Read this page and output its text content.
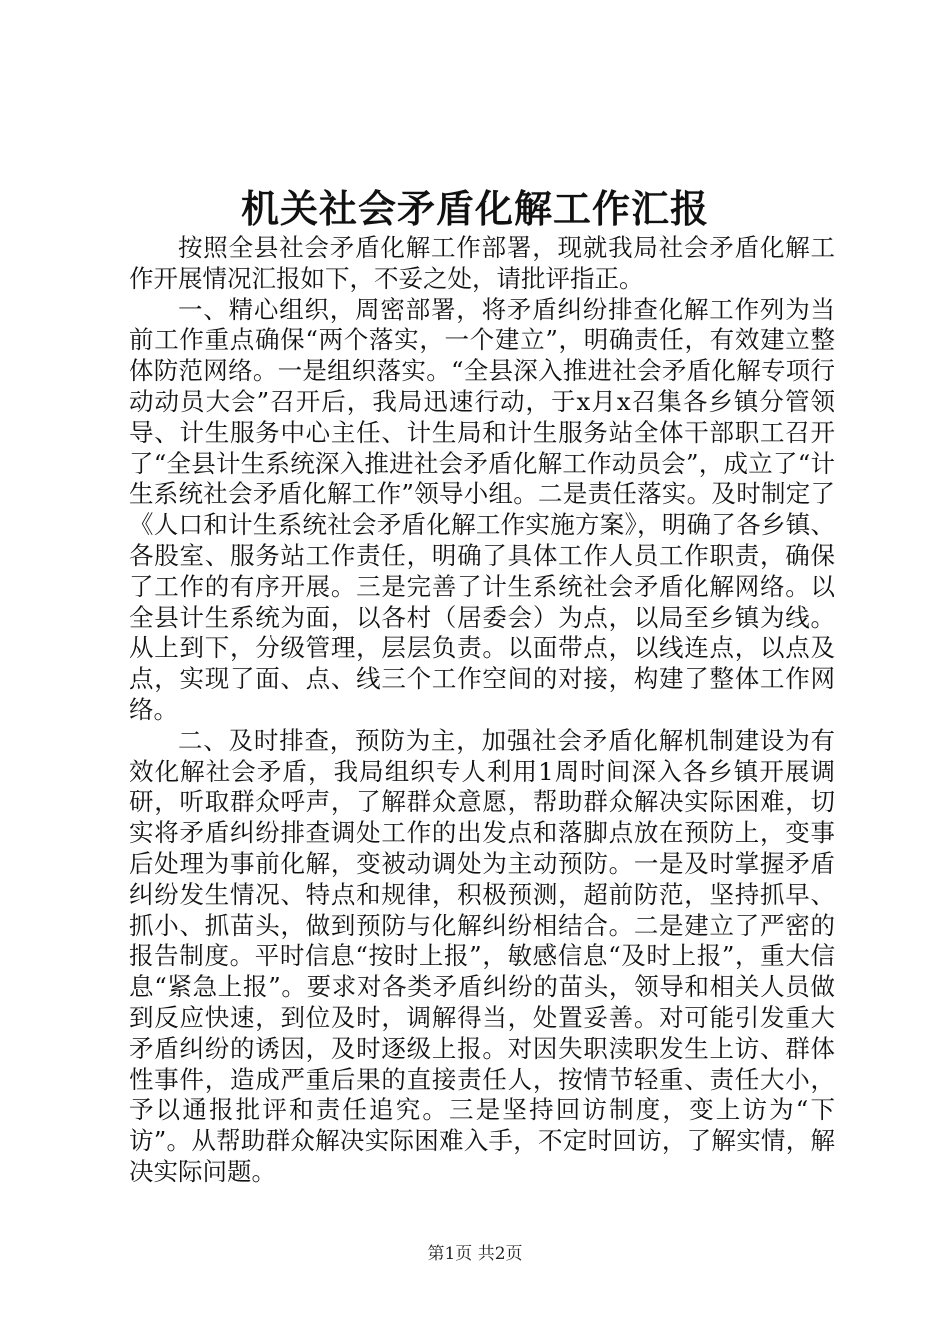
机关社会矛盾化解工作汇报

按照全县社会矛盾化解工作部署，现就我局社会矛盾化解工作开展情况汇报如下，不妥之处，请批评指正。

一、精心组织，周密部署，将矛盾纠纷排查化解工作列为当前工作重点确保“两个落实，一个建立”，明确责任，有效建立整体防范网络。一是组织落实。“全县深入推进社会矛盾化解专项行动动员大会”召开后，我局迅速行动，于x月x召集各乡镇分管领导、计生服务中心主任、计生局和计生服务站全体干部职工召开了“全县计生系统深入推进社会矛盾化解工作动员会”，成立了“计生系统社会矛盾化解工作”领导小组。二是责任落实。及时制定了《人口和计生系统社会矛盾化解工作实施方案》，明确了各乡镇、各股室、服务站工作责任，明确了具体工作人员工作职责，确保了工作的有序开展。三是完善了计生系统社会矛盾化解网络。以全县计生系统为面，以各村（居委会）为点，以局至乡镇为线。从上到下，分级管理，层层负责。以面带点，以线连点，以点及点，实现了面、点、线三个工作空间的对接，构建了整体工作网络。

二、及时排查，预防为主，加强社会矛盾化解机制建设为有效化解社会矛盾，我局组织专人利用1周时间深入各乡镇开展调研，听取群众呼声，了解群众意愿，帮助群众解决实际困难，切实将矛盾纠纷排查调处工作的出发点和落脚点放在预防上，变事后处理为事前化解，变被动调处为主动预防。一是及时掌握矛盾纠纷发生情况、特点和规律，积极预测，超前防范，坚持抓早、抓小、抓苗头，做到预防与化解纠纷相结合。二是建立了严密的报告制度。平时信息“按时上报”，敏感信息“及时上报”，重大信息“紧急上报”。要求对各类矛盾纠纷的苗头，领导和相关人员做到反应快速，到位及时，调解得当，处置妥善。对可能引发重大矛盾纠纷的诱因，及时逐级上报。对因失职渎职发生上访、群体性事件，造成严重后果的直接责任人，按情节轻重、责任大小，予以通报批评和责任追究。三是坚持回访制度，变上访为“下访”。从帮助群众解决实际困难入手，不定时回访，了解实情，解决实际问题。

第1页 共2页
